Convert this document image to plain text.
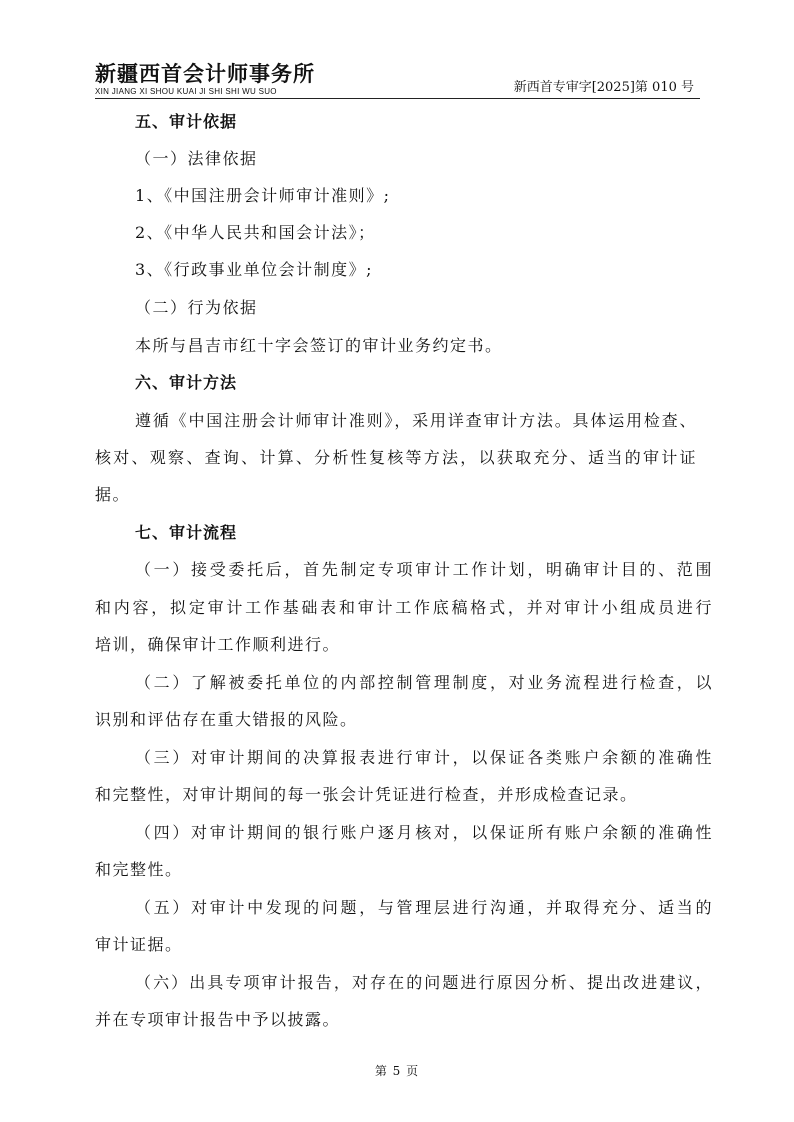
新疆西首会计师事务所
XIN JIANG XI SHOU KUAI JI SHI SHI WU SUO	新西首专审字[2025]第 010 号
五、审计依据
（一）法律依据
1、《中国注册会计师审计准则》;
2、《中华人民共和国会计法》；
3、《行政事业单位会计制度》;
（二）行为依据
本所与昌吉市红十字会签订的审计业务约定书。
六、审计方法
遵循《中国注册会计师审计准则》，采用详查审计方法。具体运用检查、
核对、观察、查询、计算、分析性复核等方法，以获取充分、适当的审计证
据。
七、审计流程
（一）接受委托后，首先制定专项审计工作计划，明确审计目的、范围
和内容，拟定审计工作基础表和审计工作底稿格式，并对审计小组成员进行
培训，确保审计工作顺利进行。
（二）了解被委托单位的内部控制管理制度，对业务流程进行检查，以
识别和评估存在重大错报的风险。
（三）对审计期间的决算报表进行审计，以保证各类账户余额的准确性
和完整性，对审计期间的每一张会计凭证进行检查，并形成检查记录。
（四）对审计期间的银行账户逐月核对，以保证所有账户余额的准确性
和完整性。
（五）对审计中发现的问题，与管理层进行沟通，并取得充分、适当的
审计证据。
（六）出具专项审计报告，对存在的问题进行原因分析、提出改进建议，
并在专项审计报告中予以披露。
第 5 页
